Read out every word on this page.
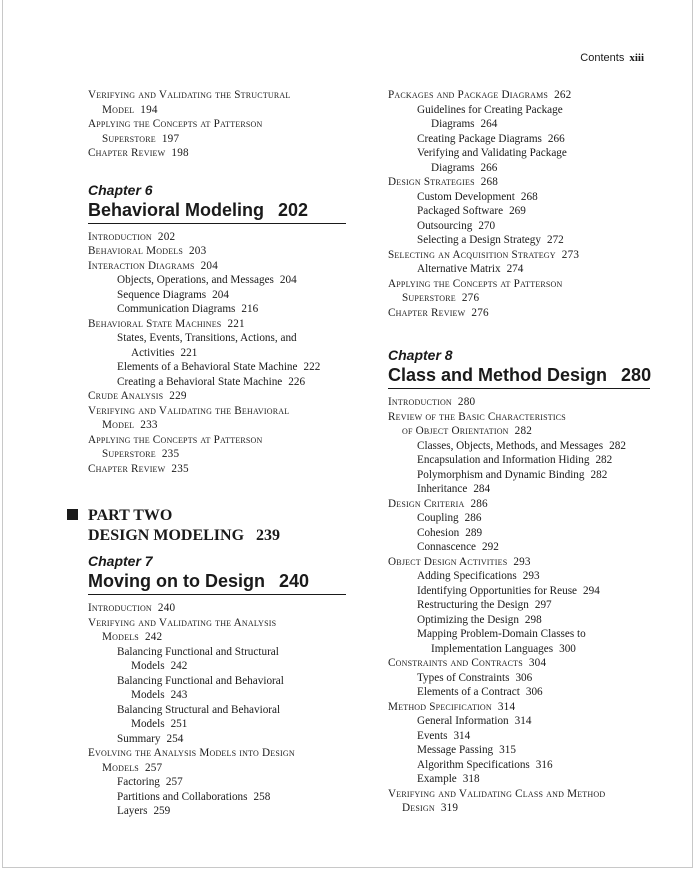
Contents xiii
Verifying and Validating the Structural
Model 194
Applying the Concepts at Patterson
Superstore 197
Chapter Review 198
Chapter 6
Behavioral Modeling 202
Introduction 202
Behavioral Models 203
Interaction Diagrams 204
Objects, Operations, and Messages 204
Sequence Diagrams 204
Communication Diagrams 216
Behavioral State Machines 221
States, Events, Transitions, Actions, and
Activities 221
Elements of a Behavioral State Machine 222
Creating a Behavioral State Machine 226
Crude Analysis 229
Verifying and Validating the Behavioral
Model 233
Applying the Concepts at Patterson
Superstore 235
Chapter Review 235
PART TWO
DESIGN MODELING 239
Chapter 7
Moving on to Design 240
Introduction 240
Verifying and Validating the Analysis
Models 242
Balancing Functional and Structural
Models 242
Balancing Functional and Behavioral
Models 243
Balancing Structural and Behavioral
Models 251
Summary 254
Evolving the Analysis Models into Design
Models 257
Factoring 257
Partitions and Collaborations 258
Layers 259
Packages and Package Diagrams 262
Guidelines for Creating Package
Diagrams 264
Creating Package Diagrams 266
Verifying and Validating Package
Diagrams 266
Design Strategies 268
Custom Development 268
Packaged Software 269
Outsourcing 270
Selecting a Design Strategy 272
Selecting an Acquisition Strategy 273
Alternative Matrix 274
Applying the Concepts at Patterson
Superstore 276
Chapter Review 276
Chapter 8
Class and Method Design 280
Introduction 280
Review of the Basic Characteristics
of Object Orientation 282
Classes, Objects, Methods, and Messages 282
Encapsulation and Information Hiding 282
Polymorphism and Dynamic Binding 282
Inheritance 284
Design Criteria 286
Coupling 286
Cohesion 289
Connascence 292
Object Design Activities 293
Adding Specifications 293
Identifying Opportunities for Reuse 294
Restructuring the Design 297
Optimizing the Design 298
Mapping Problem-Domain Classes to
Implementation Languages 300
Constraints and Contracts 304
Types of Constraints 306
Elements of a Contract 306
Method Specification 314
General Information 314
Events 314
Message Passing 315
Algorithm Specifications 316
Example 318
Verifying and Validating Class and Method
Design 319
